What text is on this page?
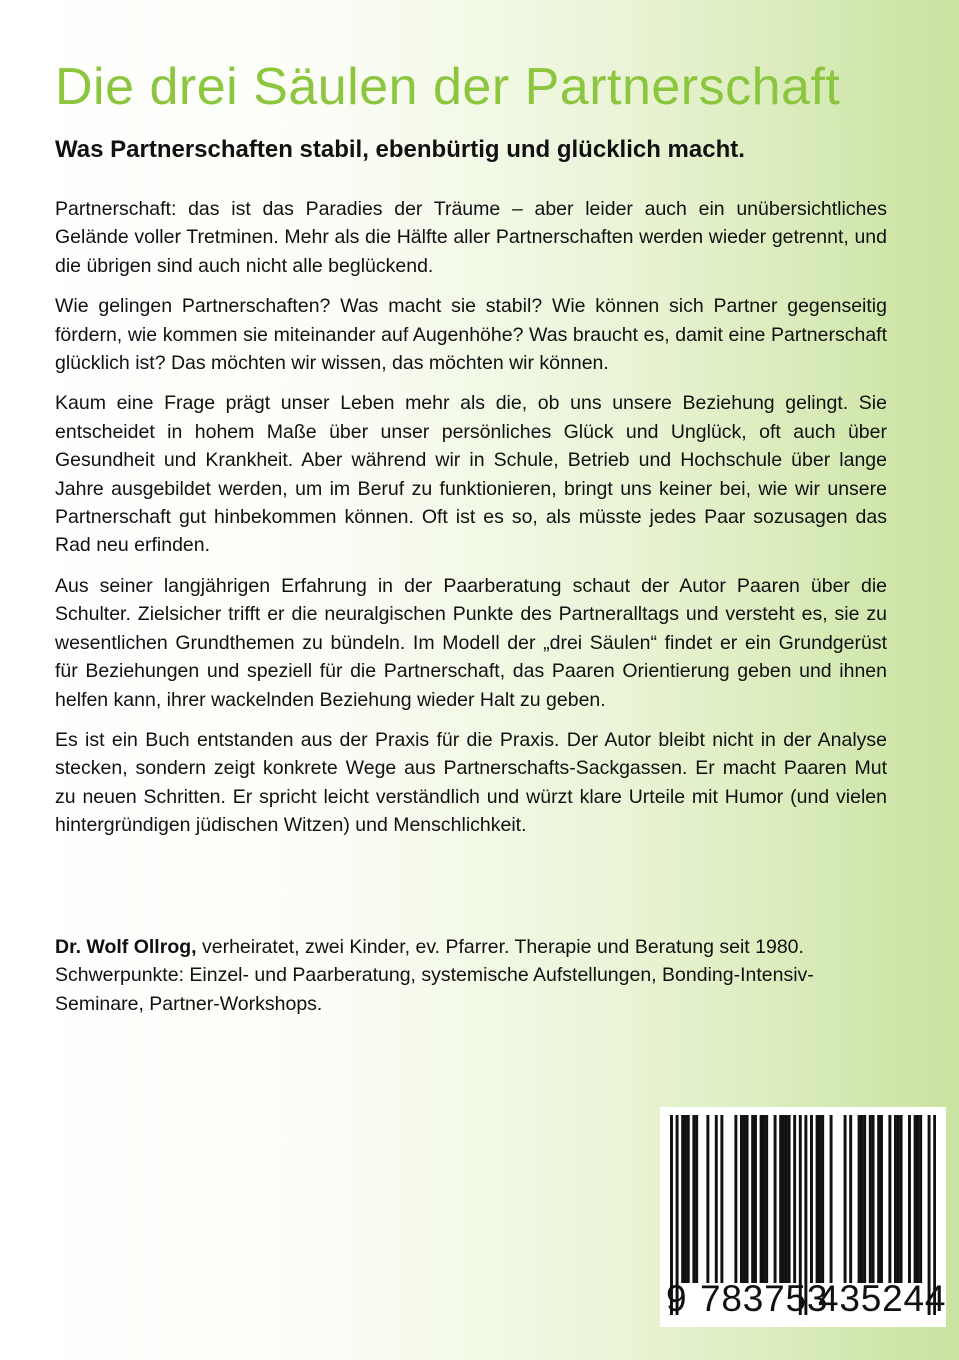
Die drei Säulen der Partnerschaft
Was Partnerschaften stabil, ebenbürtig und glücklich macht.

Partnerschaft: das ist das Paradies der Träume – aber leider auch ein unübersichtliches Gelände voller Tretminen. Mehr als die Hälfte aller Partnerschaften werden wieder getrennt, und die übrigen sind auch nicht alle beglückend.

Wie gelingen Partnerschaften? Was macht sie stabil? Wie können sich Partner gegenseitig fördern, wie kommen sie miteinander auf Augenhöhe? Was braucht es, damit eine Partnerschaft glücklich ist? Das möchten wir wissen, das möchten wir können.

Kaum eine Frage prägt unser Leben mehr als die, ob uns unsere Beziehung gelingt. Sie entscheidet in hohem Maße über unser persönliches Glück und Unglück, oft auch über Gesundheit und Krankheit. Aber während wir in Schule, Betrieb und Hochschule über lange Jahre ausgebildet werden, um im Beruf zu funktionieren, bringt uns keiner bei, wie wir unsere Partnerschaft gut hinbekommen können. Oft ist es so, als müsste jedes Paar sozusagen das Rad neu erfinden.

Aus seiner langjährigen Erfahrung in der Paarberatung schaut der Autor Paaren über die Schulter. Zielsicher trifft er die neuralgischen Punkte des Partneralltags und versteht es, sie zu wesentlichen Grundthemen zu bündeln. Im Modell der „drei Säulen“ findet er ein Grundgerüst für Beziehungen und speziell für die Partnerschaft, das Paaren Orientierung geben und ihnen helfen kann, ihrer wackelnden Beziehung wieder Halt zu geben.

Es ist ein Buch entstanden aus der Praxis für die Praxis. Der Autor bleibt nicht in der Analyse stecken, sondern zeigt konkrete Wege aus Partnerschafts-Sackgassen. Er macht Paaren Mut zu neuen Schritten. Er spricht leicht verständlich und würzt klare Urteile mit Humor (und vielen hintergründigen jüdischen Witzen) und Menschlichkeit.

Dr. Wolf Ollrog, verheiratet, zwei Kinder, ev. Pfarrer. Therapie und Beratung seit 1980. Schwerpunkte: Einzel- und Paarberatung, systemische Aufstellungen, Bonding-Intensiv-Seminare, Partner-Workshops.

9 783753
435244
